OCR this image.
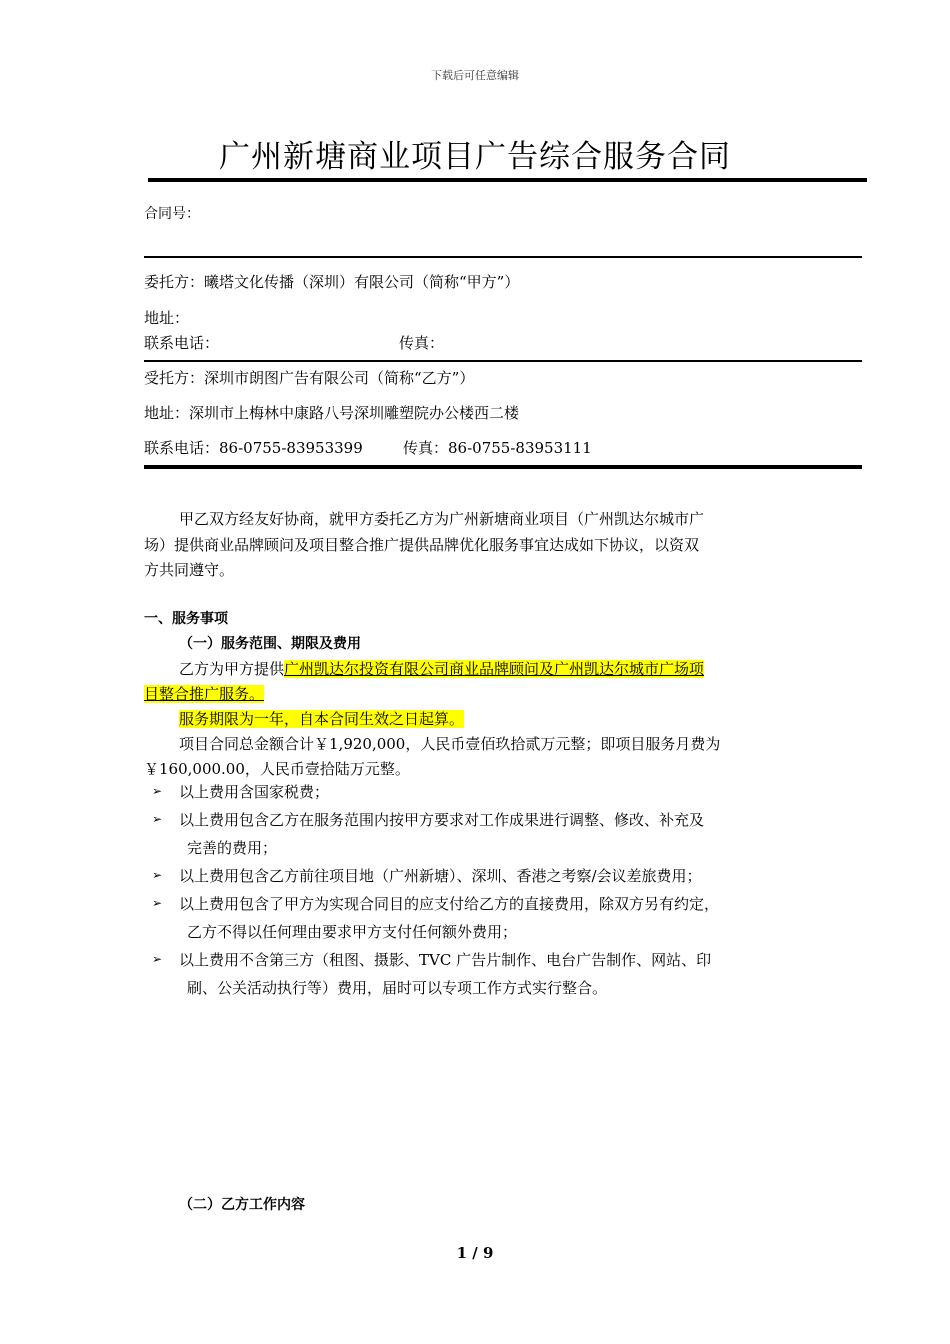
下载后可任意编辑
广州新塘商业项目广告综合服务合同
合同号：
委托方：曦塔文化传播（深圳）有限公司（简称“甲方”）
地址：
联系电话：	传真：
受托方：深圳市朗图广告有限公司（简称“乙方”）
地址：深圳市上梅林中康路八号深圳雕塑院办公楼西二楼
联系电话：86-0755-83953399	传真：86-0755-83953111
甲乙双方经友好协商，就甲方委托乙方为广州新塘商业项目（广州凯达尔城市广
场）提供商业品牌顾问及项目整合推广提供品牌优化服务事宜达成如下协议，以资双
方共同遵守。
一、服务事项
（一）服务范围、期限及费用
乙方为甲方提供广州凯达尔投资有限公司商业品牌顾问及广州凯达尔城市广场项
目整合推广服务。
服务期限为一年，自本合同生效之日起算。
项目合同总金额合计￥1,920,000，人民币壹佰玖拾贰万元整；即项目服务月费为
￥160,000.00，人民币壹拾陆万元整。
➢ 以上费用含国家税费；
➢ 以上费用包含乙方在服务范围内按甲方要求对工作成果进行调整、修改、补充及
完善的费用；
➢ 以上费用包含乙方前往项目地（广州新塘）、深圳、香港之考察/会议差旅费用；
➢ 以上费用包含了甲方为实现合同目的应支付给乙方的直接费用，除双方另有约定，
乙方不得以任何理由要求甲方支付任何额外费用；
➢ 以上费用不含第三方（租图、摄影、TVC 广告片制作、电台广告制作、网站、印
刷、公关活动执行等）费用，届时可以专项工作方式实行整合。
（二）乙方工作内容
1 / 9
